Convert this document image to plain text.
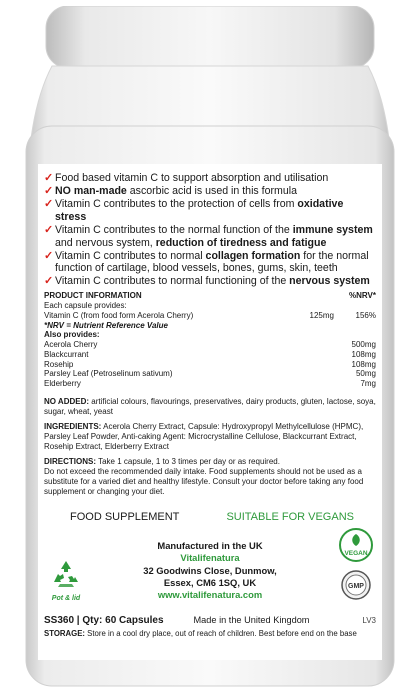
✓ Food based vitamin C to support absorption and utilisation
✓ NO man-made ascorbic acid is used in this formula
✓ Vitamin C contributes to the protection of cells from oxidative stress
✓ Vitamin C contributes to the normal function of the immune system and nervous system, reduction of tiredness and fatigue
✓ Vitamin C contributes to normal collagen formation for the normal function of cartilage, blood vessels, bones, gums, skin, teeth
✓ Vitamin C contributes to normal functioning of the nervous system
PRODUCT INFORMATION	%NRV*
Each capsule provides:
Vitamin C (from food form Acerola Cherry)	125mg	156%
*NRV = Nutrient Reference Value
Also provides:
Acerola Cherry	500mg
Blackcurrant	108mg
Rosehip	108mg
Parsley Leaf (Petroselinum sativum)	50mg
Elderberry	7mg
NO ADDED: artificial colours, flavourings, preservatives, dairy products, gluten, lactose, soya, sugar, wheat, yeast
INGREDIENTS: Acerola Cherry Extract, Capsule: Hydroxypropyl Methylcellulose (HPMC), Parsley Leaf Powder, Anti-caking Agent: Microcrystalline Cellulose, Blackcurrant Extract, Rosehip Extract, Elderberry Extract
DIRECTIONS: Take 1 capsule, 1 to 3 times per day or as required.
Do not exceed the recommended daily intake. Food supplements should not be used as a substitute for a varied diet and healthy lifestyle. Consult your doctor before taking any food supplement or changing your diet.
FOOD SUPPLEMENT	SUITABLE FOR VEGANS
Manufactured in the UK
Vitalifenatura
32 Goodwins Close, Dunmow,
Essex, CM6 1SQ, UK
www.vitalifenatura.com
Pot & lid
VEGAN
GMP
SS360 | Qty: 60 Capsules	Made in the United Kingdom	LV3
STORAGE: Store in a cool dry place, out of reach of children. Best before end on the base
